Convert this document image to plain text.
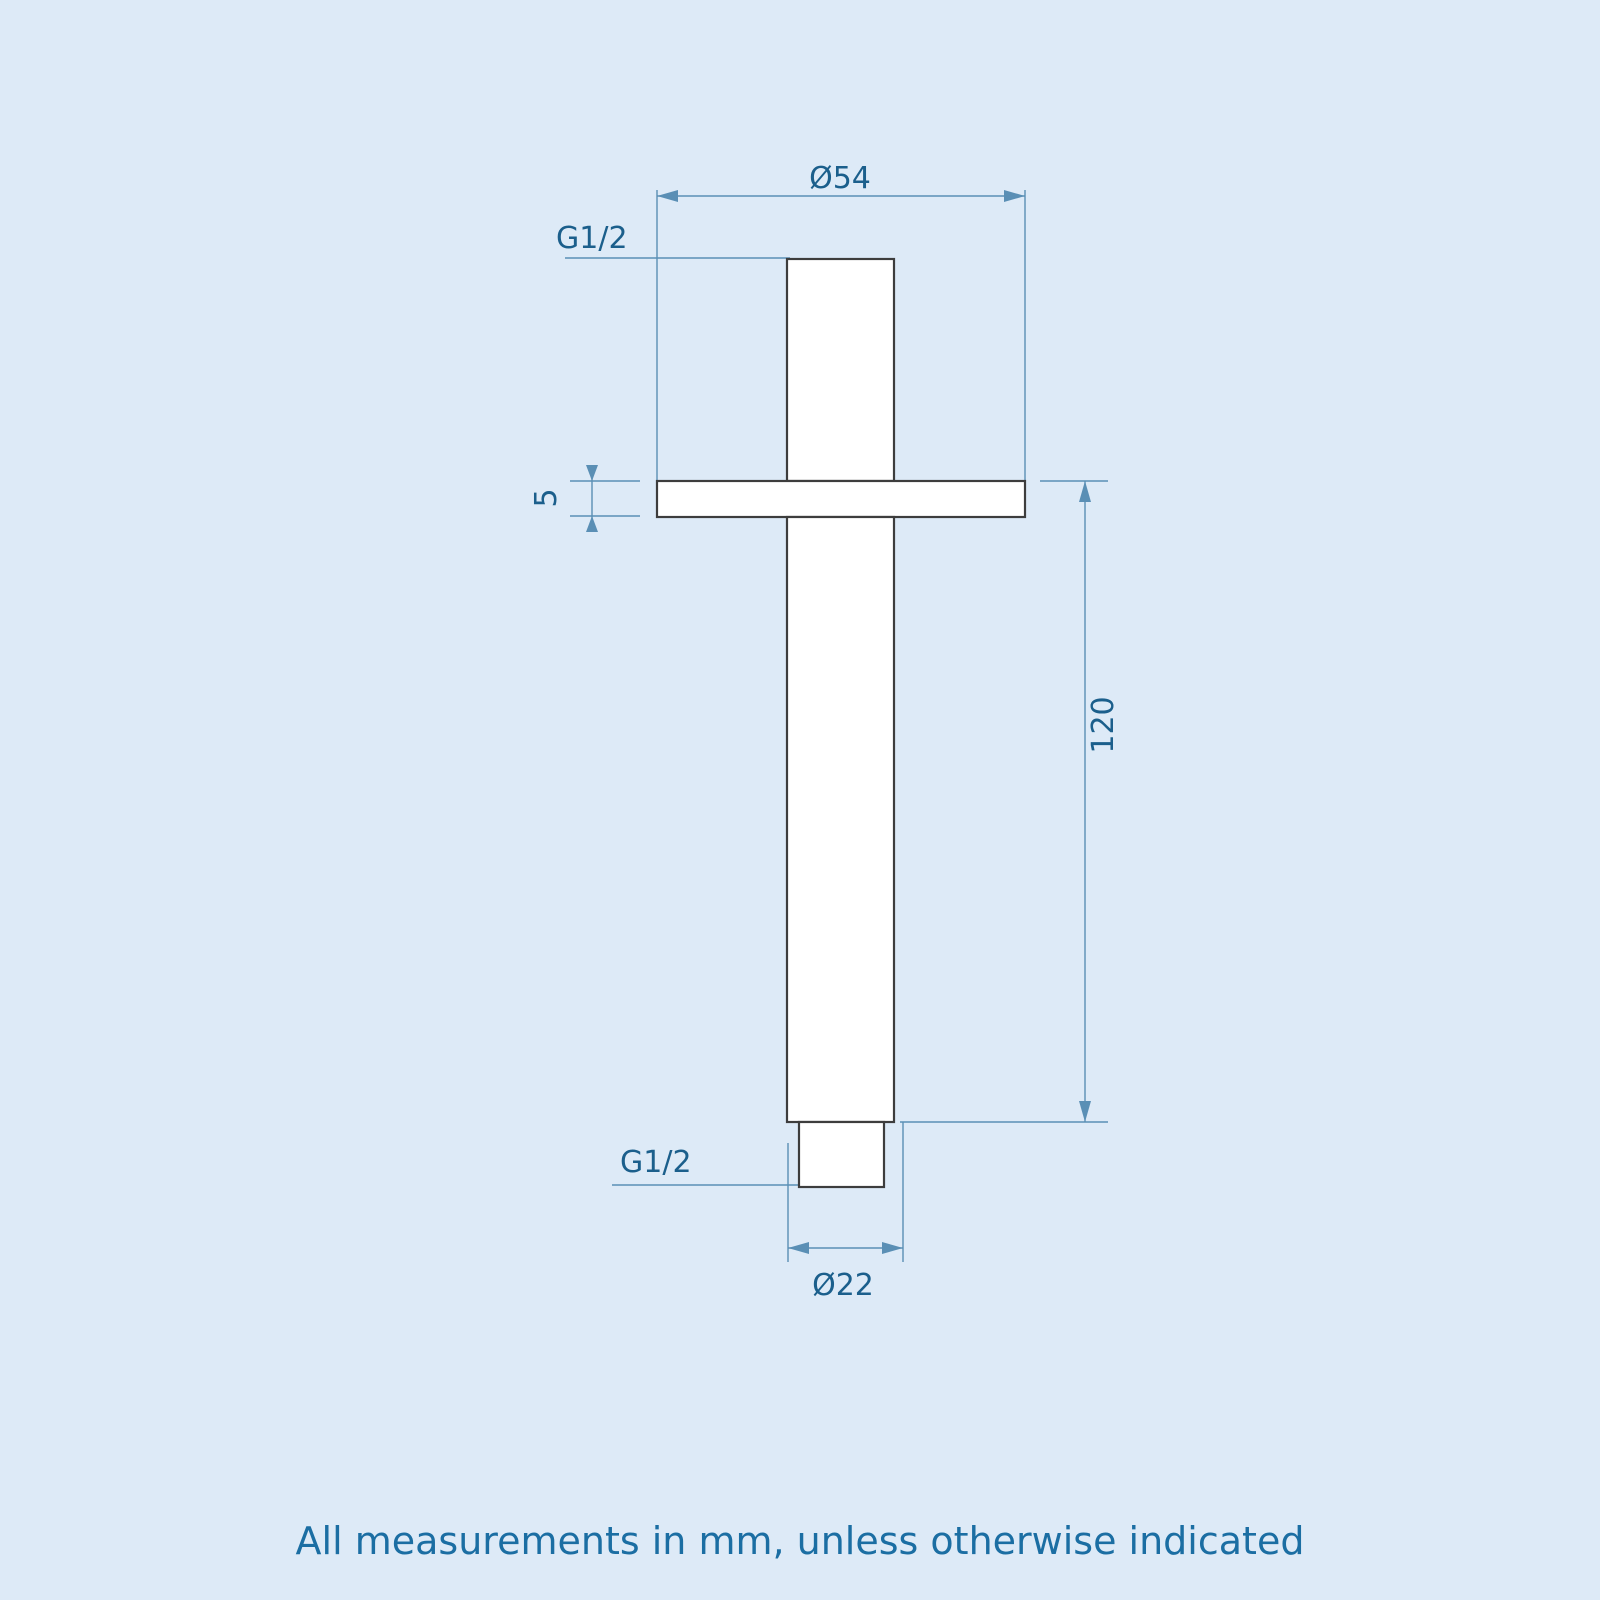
Ø54
G1/2
5
120
G1/2
Ø22
All measurements in mm, unless otherwise indicated
